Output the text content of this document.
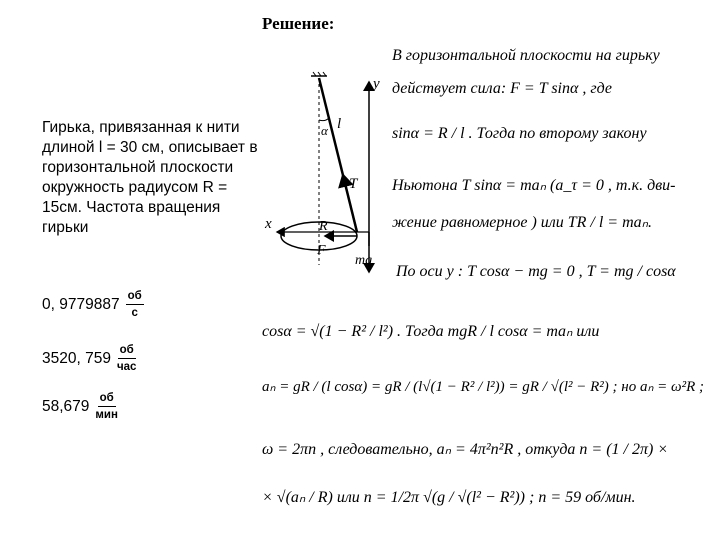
Гирька, привязанная к нити длиной l = 30 см, описывает в горизонтальной плоскости окружность радиусом R = 15см. Частота вращения гирьки
0, $9779887 \frac{об}{с}$
3520, $759 \frac{об}{\text{час}}$
$58,679 \frac{об}{\text{мин}}$
y
x
α l
T
R
F
mg
Решение:
В горизонтальной плоскости на гирьку
действует сила: F = T sinα , где
sinα = R / l . Тогда по второму закону
Ньютона T sinα = maₙ (a_τ = 0 , т.к. дви-
жение равномерное ) или TR / l = maₙ.
По оси y : T cosα − mg = 0 , T = mg / cosα
cosα = √(1 − R² / l²) . Тогда mgR / l cosα = maₙ или
aₙ = gR / (l cosα) = gR / (l√(1 − R² / l²)) = gR / √(l² − R²) ; но aₙ = ω²R ;
ω = 2πn , следовательно, aₙ = 4π²n²R , откуда n = (1 / 2π) ×
× √(aₙ / R) или n = 1/2π √(g / √(l² − R²)) ; n = 59 об/мин.
